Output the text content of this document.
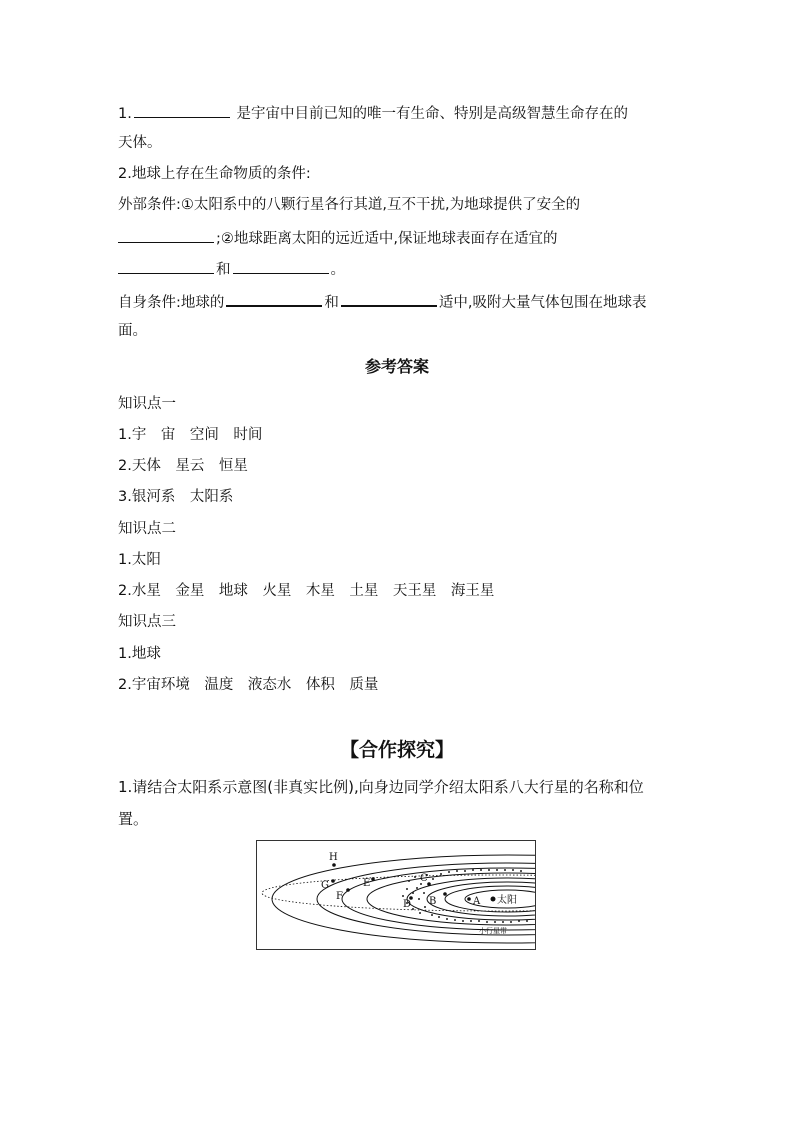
1.	是宇宙中目前已知的唯一有生命、特别是高级智慧生命存在的
天体。
2.地球上存在生命物质的条件:
外部条件:①太阳系中的八颗行星各行其道,互不干扰,为地球提供了安全的
;②地球距离太阳的远近适中,保证地球表面存在适宜的
和	。
自身条件:地球的	和	适中,吸附大量气体包围在地球表
面。
参考答案
知识点一
1.宇　宙　空间　时间
2.天体　星云　恒星
3.银河系　太阳系
知识点二
1.太阳
2.水星　金星　地球　火星　木星　土星　天王星　海王星
知识点三
1.地球
2.宇宙环境　温度　液态水　体积　质量
【合作探究】
1.请结合太阳系示意图(非真实比例),向身边同学介绍太阳系八大行星的名称和位
置。
H
G
F
E
D
C
B	A 太阳
小行星带
